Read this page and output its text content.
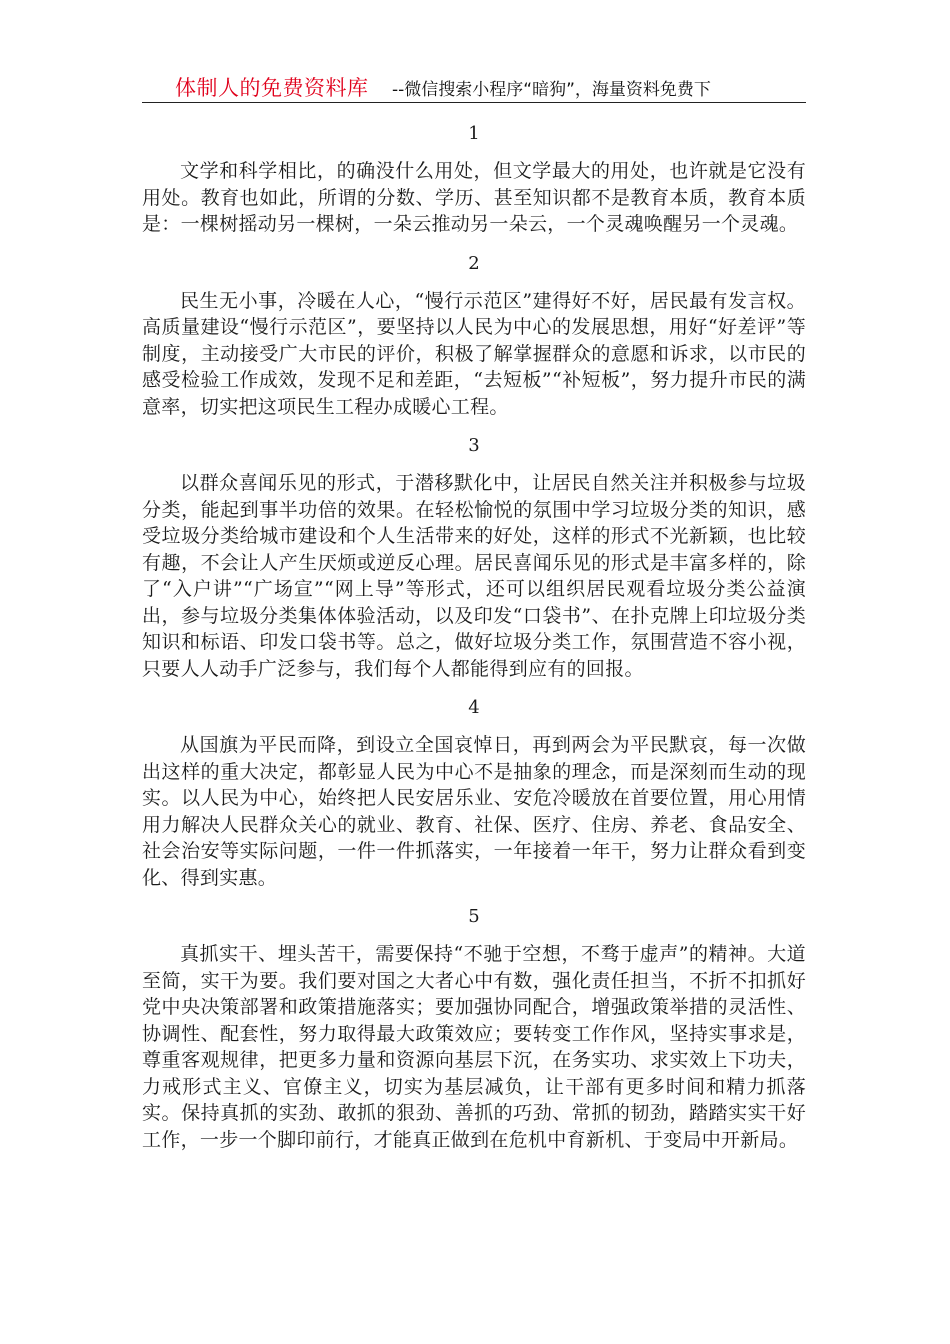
体制人的免费资料库 --微信搜索小程序“暗狗”，海量资料免费下
1

文学和科学相比，的确没什么用处，但文学最大的用处，也许就是它没有用处。教育也如此，所谓的分数、学历、甚至知识都不是教育本质，教育本质是：一棵树摇动另一棵树，一朵云推动另一朵云，一个灵魂唤醒另一个灵魂。

2

民生无小事，冷暖在人心，“慢行示范区”建得好不好，居民最有发言权。高质量建设“慢行示范区”，要坚持以人民为中心的发展思想，用好“好差评”等制度，主动接受广大市民的评价，积极了解掌握群众的意愿和诉求，以市民的感受检验工作成效，发现不足和差距，“去短板”“补短板”，努力提升市民的满意率，切实把这项民生工程办成暖心工程。

3

以群众喜闻乐见的形式，于潜移默化中，让居民自然关注并积极参与垃圾分类，能起到事半功倍的效果。在轻松愉悦的氛围中学习垃圾分类的知识，感受垃圾分类给城市建设和个人生活带来的好处，这样的形式不光新颖，也比较有趣，不会让人产生厌烦或逆反心理。居民喜闻乐见的形式是丰富多样的，除了“入户讲”“广场宣”“网上导”等形式，还可以组织居民观看垃圾分类公益演出，参与垃圾分类集体体验活动，以及印发“口袋书”、在扑克牌上印垃圾分类知识和标语、印发口袋书等。总之，做好垃圾分类工作，氛围营造不容小视，只要人人动手广泛参与，我们每个人都能得到应有的回报。

4

从国旗为平民而降，到设立全国哀悼日，再到两会为平民默哀，每一次做出这样的重大决定，都彰显人民为中心不是抽象的理念，而是深刻而生动的现实。以人民为中心，始终把人民安居乐业、安危冷暖放在首要位置，用心用情用力解决人民群众关心的就业、教育、社保、医疗、住房、养老、食品安全、社会治安等实际问题，一件一件抓落实，一年接着一年干，努力让群众看到变化、得到实惠。

5

真抓实干、埋头苦干，需要保持“不驰于空想，不骛于虚声”的精神。大道至简，实干为要。我们要对国之大者心中有数，强化责任担当，不折不扣抓好党中央决策部署和政策措施落实；要加强协同配合，增强政策举措的灵活性、协调性、配套性，努力取得最大政策效应；要转变工作作风，坚持实事求是，尊重客观规律，把更多力量和资源向基层下沉，在务实功、求实效上下功夫，力戒形式主义、官僚主义，切实为基层减负，让干部有更多时间和精力抓落实。保持真抓的实劲、敢抓的狠劲、善抓的巧劲、常抓的韧劲，踏踏实实干好工作，一步一个脚印前行，才能真正做到在危机中育新机、于变局中开新局。
